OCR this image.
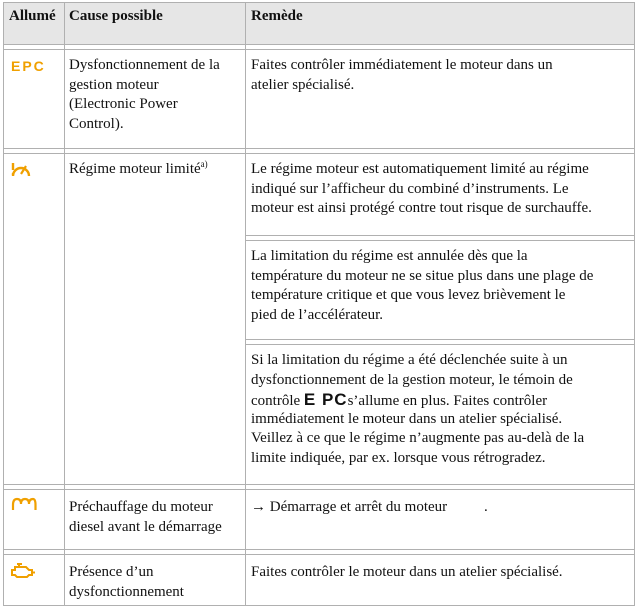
Allumé Cause possible	Remède
EPC Dysfonctionnement de la
gestion moteur
(Electronic Power
Control).
Faites contrôler immédiatement le moteur dans un
atelier spécialisé.
Régime moteur limité$^{a)}$	Le régime moteur est automatiquement limité au régime
indiqué sur l’afficheur du combiné d’instruments. Le
moteur est ainsi protégé contre tout risque de surchauffe.
La limitation du régime est annulée dès que la
température du moteur ne se situe plus dans une plage de
température critique et que vous levez brièvement le
pied de l’accélérateur.
Si la limitation du régime a été déclenchée suite à un
dysfonctionnement de la gestion moteur, le témoin de
contrôle E PCs’allume en plus. Faites contrôler
immédiatement le moteur dans un atelier spécialisé.
Veillez à ce que le régime n’augmente pas au-delà de la
limite indiquée, par ex. lorsque vous rétrogradez.
Préchauffage du moteur
diesel avant le démarrage
→ Démarrage et arrêt du moteur .
Présence d’un
dysfonctionnement
Faites contrôler le moteur dans un atelier spécialisé.
